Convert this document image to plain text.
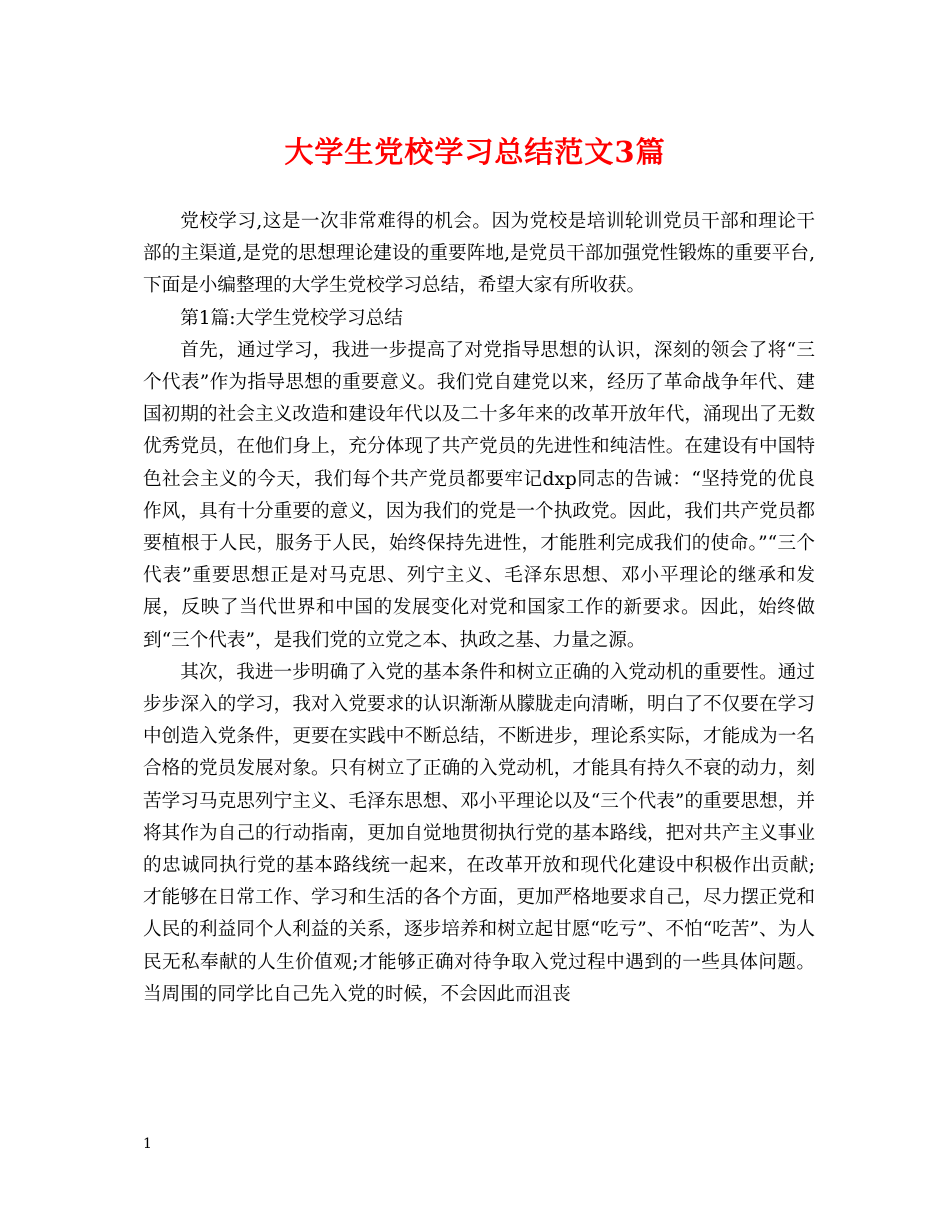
大学生党校学习总结范文3篇

党校学习,这是一次非常难得的机会。因为党校是培训轮训党员干部和理论干部的主渠道,是党的思想理论建设的重要阵地,是党员干部加强党性锻炼的重要平台,下面是小编整理的大学生党校学习总结，希望大家有所收获。

第1篇:大学生党校学习总结

首先，通过学习，我进一步提高了对党指导思想的认识，深刻的领会了将“三个代表”作为指导思想的重要意义。我们党自建党以来，经历了革命战争年代、建国初期的社会主义改造和建设年代以及二十多年来的改革开放年代，涌现出了无数优秀党员，在他们身上，充分体现了共产党员的先进性和纯洁性。在建设有中国特色社会主义的今天，我们每个共产党员都要牢记dxp同志的告诫：“坚持党的优良作风，具有十分重要的意义，因为我们的党是一个执政党。因此，我们共产党员都要植根于人民，服务于人民，始终保持先进性，才能胜利完成我们的使命。”“三个代表”重要思想正是对马克思、列宁主义、毛泽东思想、邓小平理论的继承和发展，反映了当代世界和中国的发展变化对党和国家工作的新要求。因此，始终做到“三个代表”，是我们党的立党之本、执政之基、力量之源。

其次，我进一步明确了入党的基本条件和树立正确的入党动机的重要性。通过步步深入的学习，我对入党要求的认识渐渐从朦胧走向清晰，明白了不仅要在学习中创造入党条件，更要在实践中不断总结，不断进步，理论系实际，才能成为一名合格的党员发展对象。只有树立了正确的入党动机，才能具有持久不衰的动力，刻苦学习马克思列宁主义、毛泽东思想、邓小平理论以及“三个代表”的重要思想，并将其作为自己的行动指南，更加自觉地贯彻执行党的基本路线，把对共产主义事业的忠诚同执行党的基本路线统一起来，在改革开放和现代化建设中积极作出贡献;才能够在日常工作、学习和生活的各个方面，更加严格地要求自己，尽力摆正党和人民的利益同个人利益的关系，逐步培养和树立起甘愿“吃亏”、不怕“吃苦”、为人民无私奉献的人生价值观;才能够正确对待争取入党过程中遇到的一些具体问题。当周围的同学比自己先入党的时候，不会因此而沮丧

1
